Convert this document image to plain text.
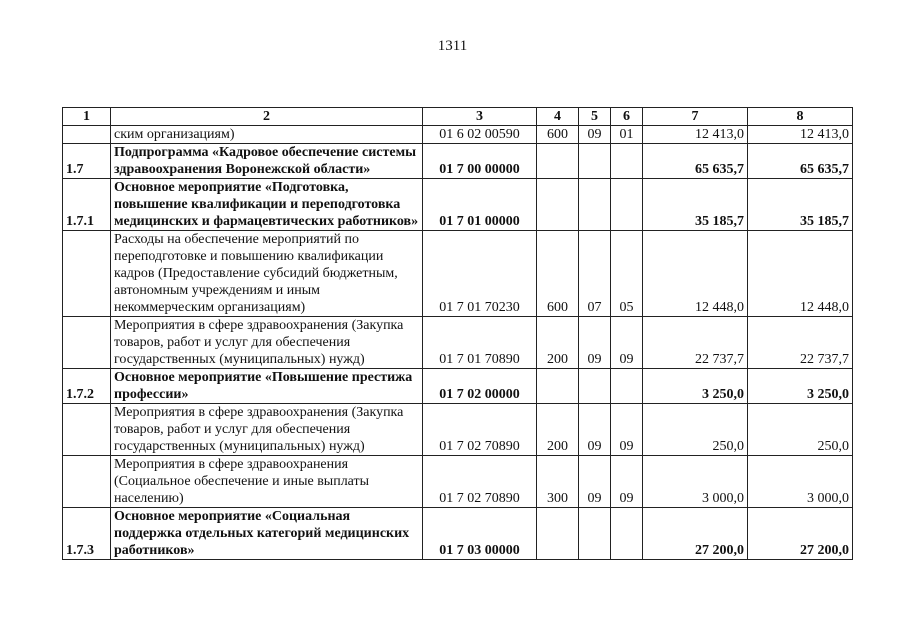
1311
1	2	3	4	5	6	7	8
	ским организациям)	01 6 02 00590	600	09	01	12 413,0	12 413,0
1.7	Подпрограмма «Кадровое обеспечение системы здравоохранения Воронежской области»	01 7 00 00000				65 635,7	65 635,7
1.7.1	Основное мероприятие «Подготовка, повышение квалификации и переподготовка медицинских и фармацевтических работников»	01 7 01 00000				35 185,7	35 185,7
	Расходы на обеспечение мероприятий по переподготовке и повышению квалификации кадров (Предоставление субсидий бюджетным, автономным учреждениям и иным некоммерческим организациям)	01 7 01 70230	600	07	05	12 448,0	12 448,0
	Мероприятия в сфере здравоохранения (Закупка товаров, работ и услуг для обеспечения государственных (муниципальных) нужд)	01 7 01 70890	200	09	09	22 737,7	22 737,7
1.7.2	Основное мероприятие «Повышение престижа профессии»	01 7 02 00000				3 250,0	3 250,0
	Мероприятия в сфере здравоохранения (Закупка товаров, работ и услуг для обеспечения государственных (муниципальных) нужд)	01 7 02 70890	200	09	09	250,0	250,0
	Мероприятия в сфере здравоохранения (Социальное обеспечение и иные выплаты населению)	01 7 02 70890	300	09	09	3 000,0	3 000,0
1.7.3	Основное мероприятие «Социальная поддержка отдельных категорий медицинских работников»	01 7 03 00000				27 200,0	27 200,0
